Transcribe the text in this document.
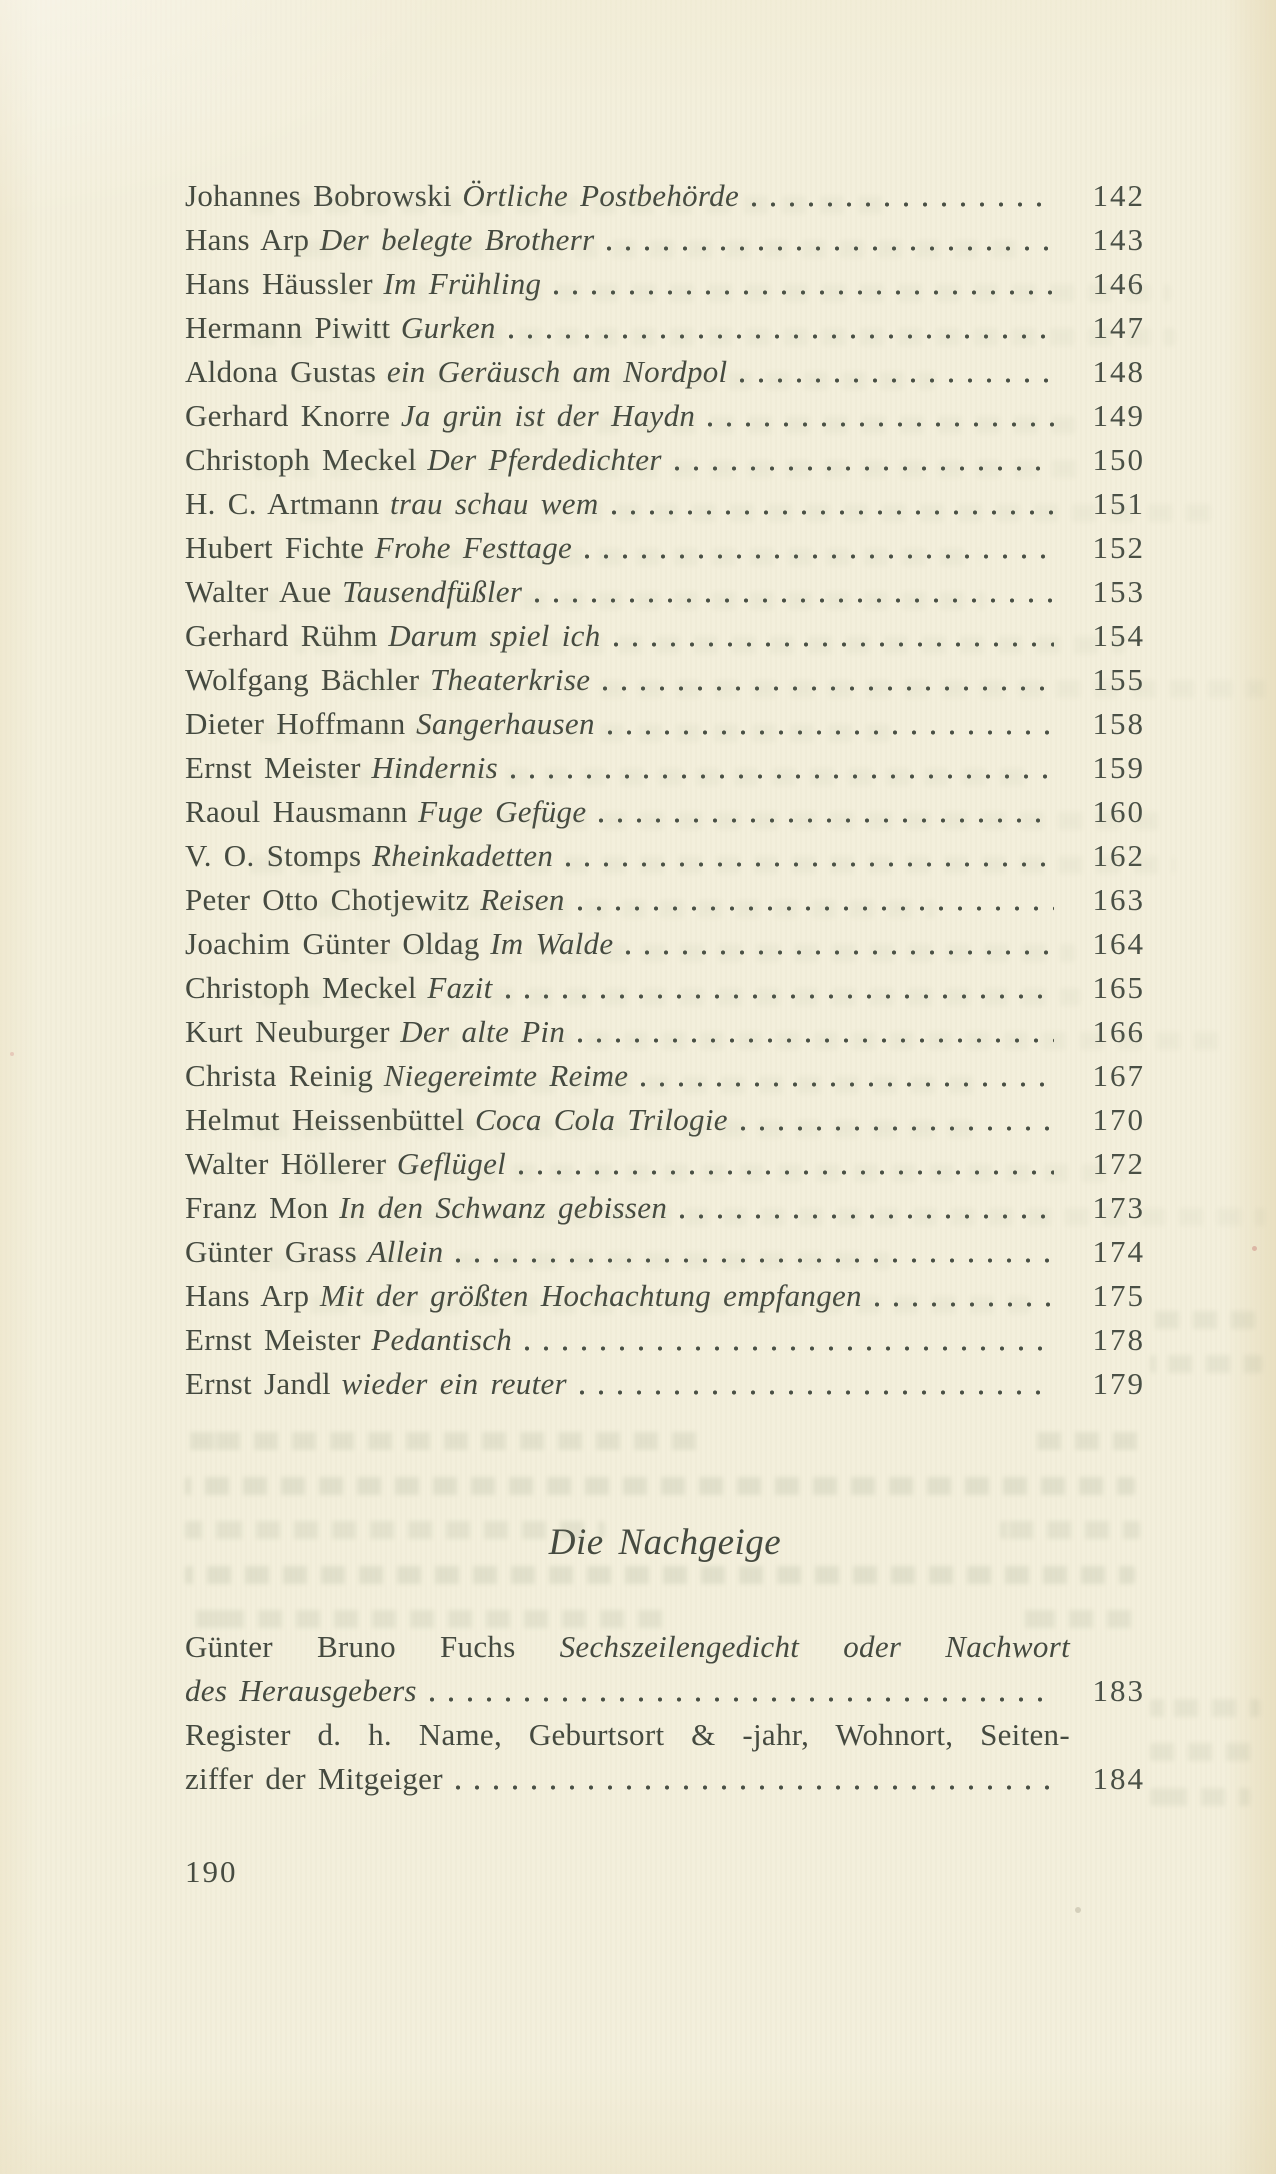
Johannes Bobrowski Örtliche Postbehörde	142
Hans Arp Der belegte Brotherr	143
Hans Häussler Im Frühling	146
Hermann Piwitt Gurken	147
Aldona Gustas ein Geräusch am Nordpol	148
Gerhard Knorre Ja grün ist der Haydn	149
Christoph Meckel Der Pferdedichter	150
H. C. Artmann trau schau wem	151
Hubert Fichte Frohe Festtage	152
Walter Aue Tausendfüßler	153
Gerhard Rühm Darum spiel ich	154
Wolfgang Bächler Theaterkrise	155
Dieter Hoffmann Sangerhausen	158
Ernst Meister Hindernis	159
Raoul Hausmann Fuge Gefüge	160
V. O. Stomps Rheinkadetten	162
Peter Otto Chotjewitz Reisen	163
Joachim Günter Oldag Im Walde	164
Christoph Meckel Fazit	165
Kurt Neuburger Der alte Pin	166
Christa Reinig Niegereimte Reime	167
Helmut Heissenbüttel Coca Cola Trilogie	170
Walter Höllerer Geflügel	172
Franz Mon In den Schwanz gebissen	173
Günter Grass Allein	174
Hans Arp Mit der größten Hochachtung empfangen	175
Ernst Meister Pedantisch	178
Ernst Jandl wieder ein reuter	179
Die Nachgeige
Günter Bruno Fuchs Sechszeilengedicht oder Nachwort
des Herausgebers	183
Register d. h. Name, Geburtsort & -jahr, Wohnort, Seiten-
ziffer der Mitgeiger	184
190
